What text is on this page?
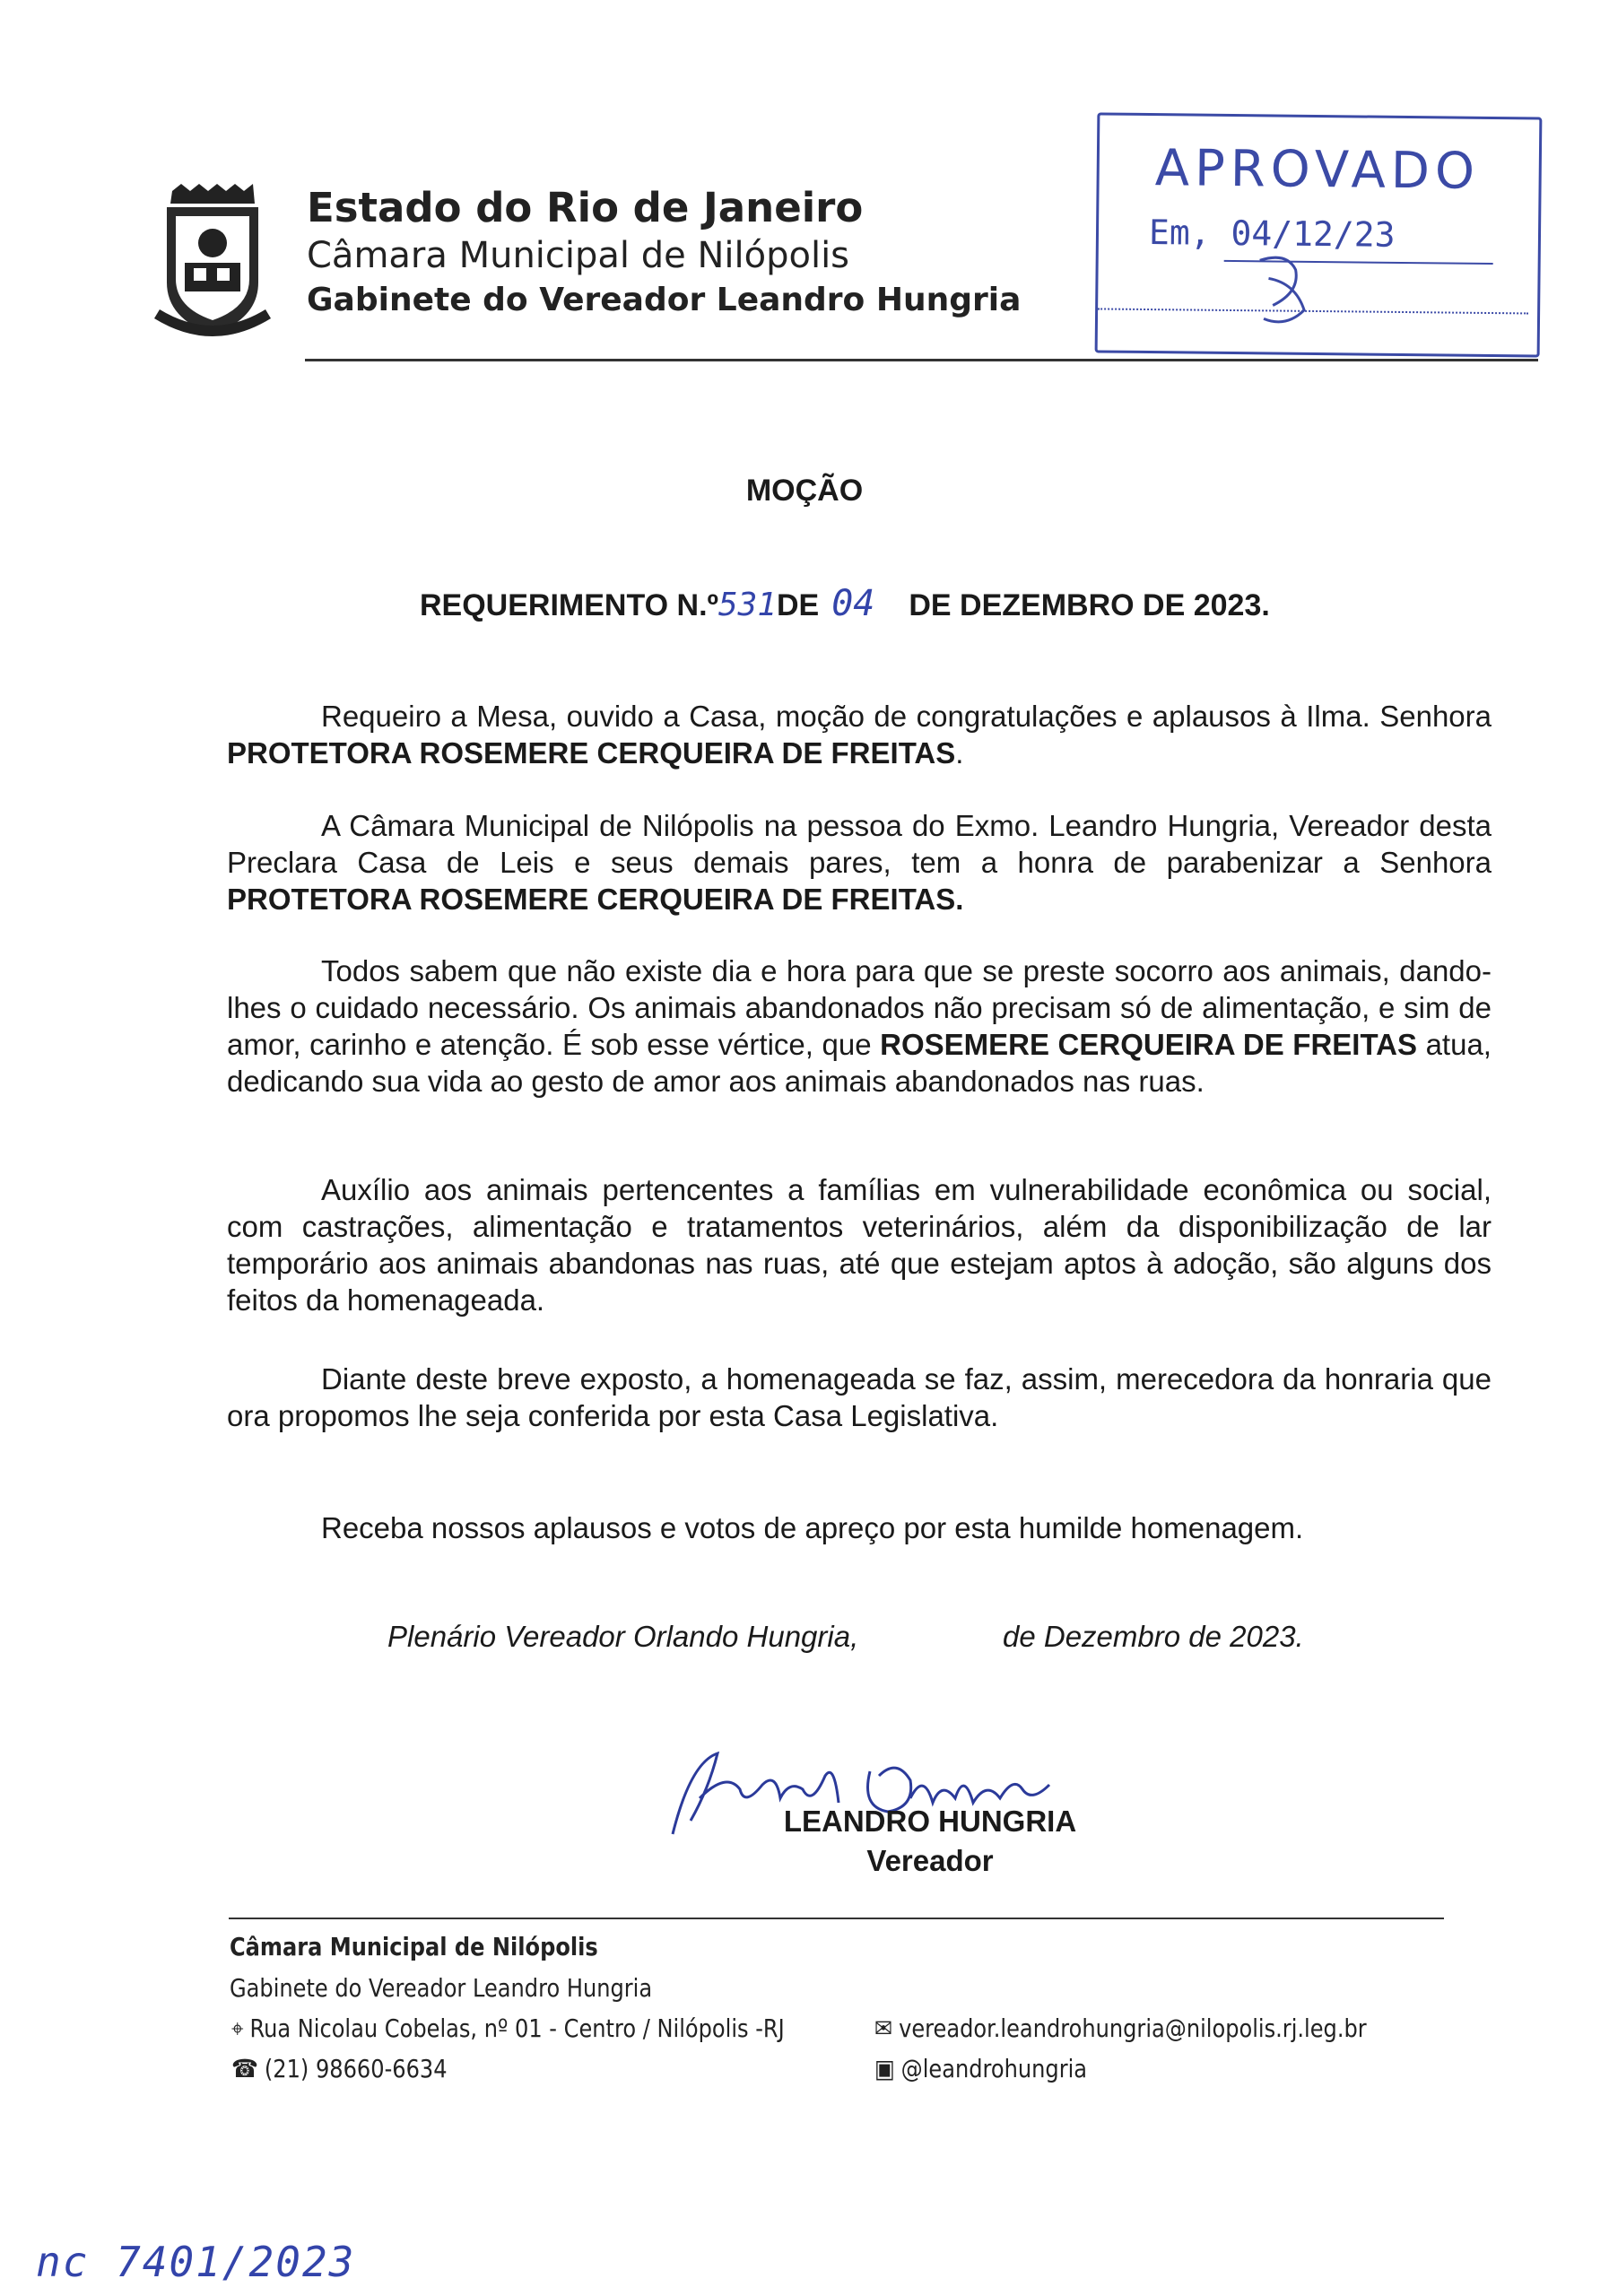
Estado do Rio de Janeiro
Câmara Municipal de Nilópolis
Gabinete do Vereador Leandro Hungria
APROVADO
Em, 04/12/23
MOÇÃO
REQUERIMENTO N.º531DE 04 DE DEZEMBRO DE 2023.
Requeiro a Mesa, ouvido a Casa, moção de congratulações e aplausos à Ilma. Senhora PROTETORA ROSEMERE CERQUEIRA DE FREITAS.
A Câmara Municipal de Nilópolis na pessoa do Exmo. Leandro Hungria, Vereador desta Preclara Casa de Leis e seus demais pares, tem a honra de parabenizar a Senhora PROTETORA ROSEMERE CERQUEIRA DE FREITAS.
Todos sabem que não existe dia e hora para que se preste socorro aos animais, dando-lhes o cuidado necessário. Os animais abandonados não precisam só de alimentação, e sim de amor, carinho e atenção. É sob esse vértice, que ROSEMERE CERQUEIRA DE FREITAS atua, dedicando sua vida ao gesto de amor aos animais abandonados nas ruas.
Auxílio aos animais pertencentes a famílias em vulnerabilidade econômica ou social, com castrações, alimentação e tratamentos veterinários, além da disponibilização de lar temporário aos animais abandonas nas ruas, até que estejam aptos à adoção, são alguns dos feitos da homenageada.
Diante deste breve exposto, a homenageada se faz, assim, merecedora da honraria que ora propomos lhe seja conferida por esta Casa Legislativa.
Receba nossos aplausos e votos de apreço por esta humilde homenagem.
Plenário Vereador Orlando Hungria,	de Dezembro de 2023.
LEANDRO HUNGRIA
Vereador
Câmara Municipal de Nilópolis
Gabinete do Vereador Leandro Hungria
⌖ Rua Nicolau Cobelas, nº 01 - Centro / Nilópolis -RJ
☎ (21) 98660-6634
✉ vereador.leandrohungria@nilopolis.rj.leg.br
▣ @leandrohungria
nc 7401/2023
